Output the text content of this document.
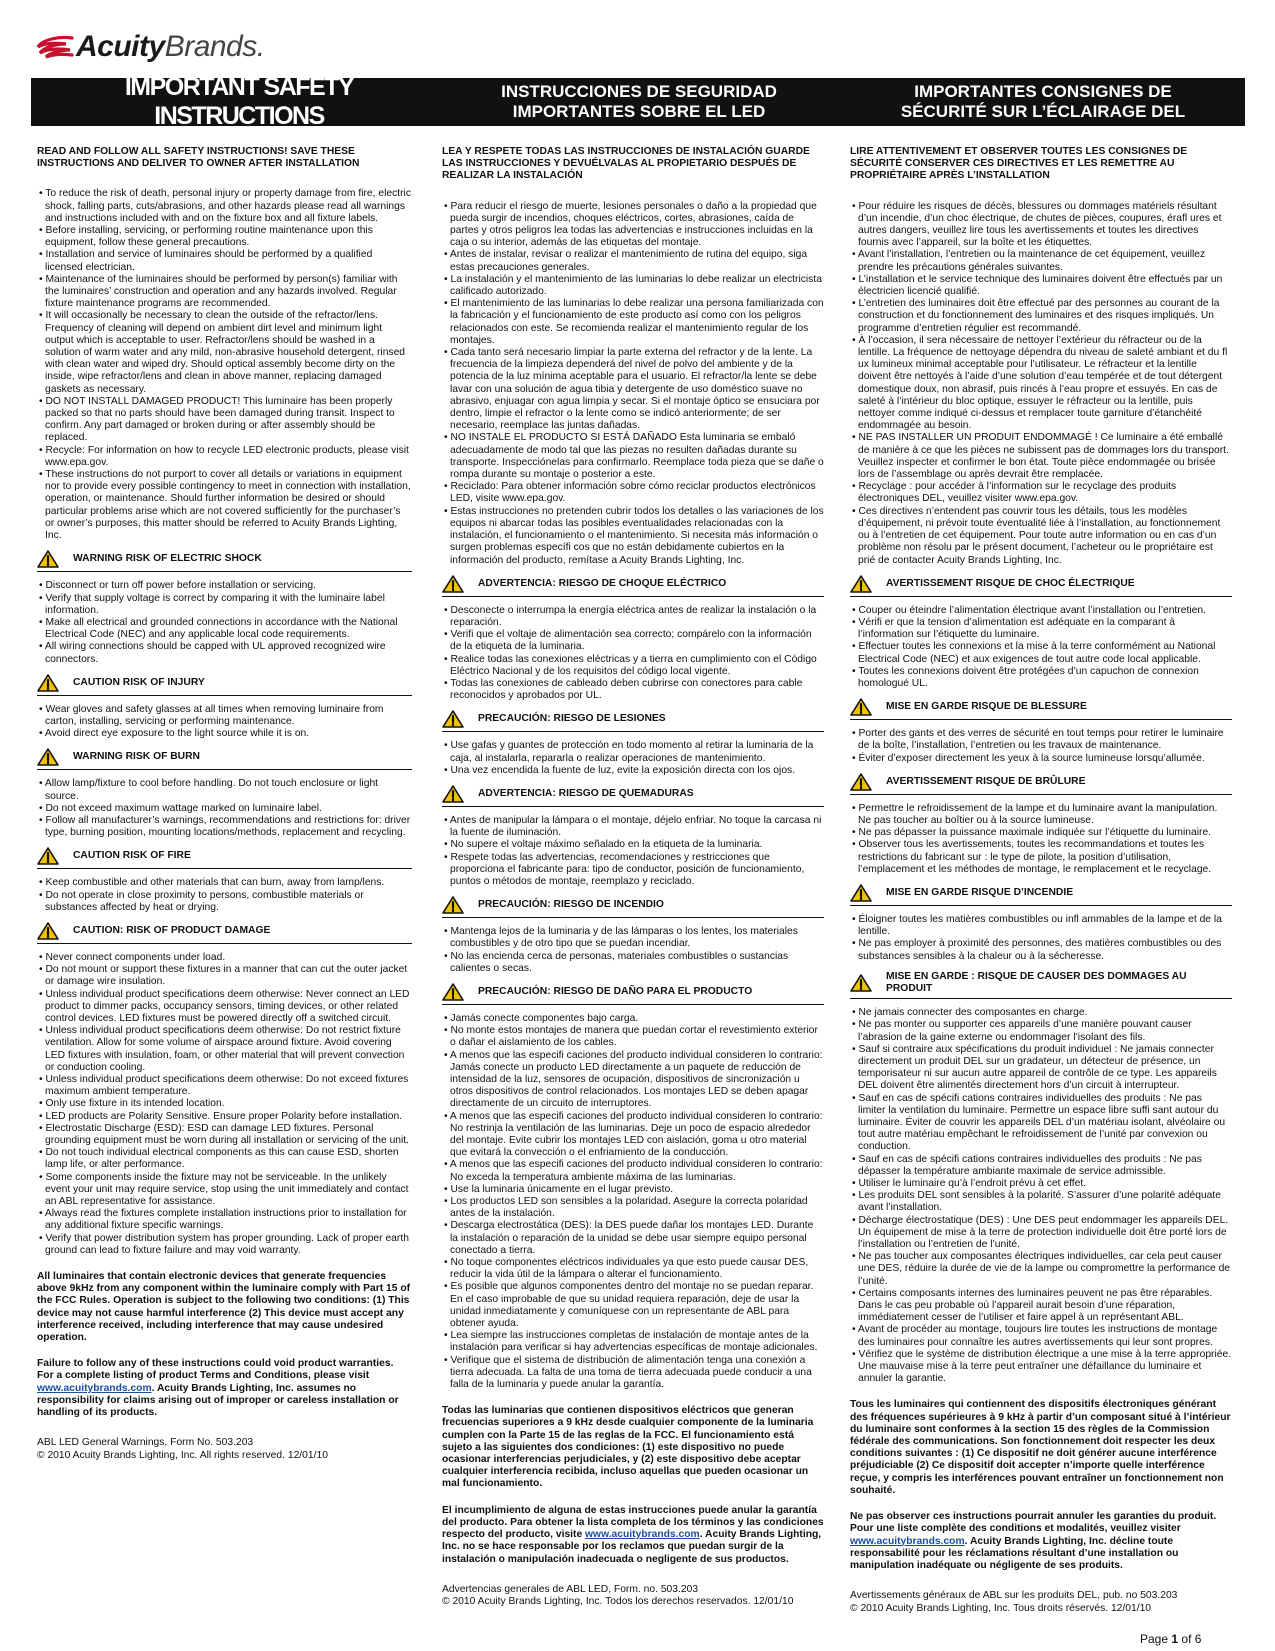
AcuityBrands.
IMPORTANT SAFETY INSTRUCTIONS
INSTRUCCIONES DE SEGURIDAD
IMPORTANTES SOBRE EL LED
IMPORTANTES CONSIGNES DE
SÉCURITÉ SUR L’ÉCLAIRAGE DEL
READ AND FOLLOW ALL SAFETY INSTRUCTIONS! SAVE THESE INSTRUCTIONS AND DELIVER TO OWNER AFTER INSTALLATION
• To reduce the risk of death, personal injury or property damage from fire, electric shock, falling parts, cuts/abrasions, and other hazards please read all warnings and instructions included with and on the fixture box and all fixture labels.
• Before installing, servicing, or performing routine maintenance upon this equipment, follow these general precautions.
• Installation and service of luminaires should be performed by a qualified licensed electrician.
• Maintenance of the luminaires should be performed by person(s) familiar with the luminaires’ construction and operation and any hazards involved. Regular fixture maintenance programs are recommended.
• It will occasionally be necessary to clean the outside of the refractor/lens. Frequency of cleaning will depend on ambient dirt level and minimum light output which is acceptable to user. Refractor/lens should be washed in a solution of warm water and any mild, non-abrasive household detergent, rinsed with clean water and wiped dry. Should optical assembly become dirty on the inside, wipe refractor/lens and clean in above manner, replacing damaged gaskets as necessary.
• DO NOT INSTALL DAMAGED PRODUCT! This luminaire has been properly packed so that no parts should have been damaged during transit. Inspect to confirm. Any part damaged or broken during or after assembly should be replaced.
• Recycle: For information on how to recycle LED electronic products, please visit www.epa.gov.
• These instructions do not purport to cover all details or variations in equipment nor to provide every possible contingency to meet in connection with installation, operation, or maintenance. Should further information be desired or should particular problems arise which are not covered sufficiently for the purchaser’s or owner’s purposes, this matter should be referred to Acuity Brands Lighting, Inc.
WARNING RISK OF ELECTRIC SHOCK
• Disconnect or turn off power before installation or servicing.
• Verify that supply voltage is correct by comparing it with the luminaire label information.
• Make all electrical and grounded connections in accordance with the National Electrical Code (NEC) and any applicable local code requirements.
• All wiring connections should be capped with UL approved recognized wire connectors.
CAUTION RISK OF INJURY
• Wear gloves and safety glasses at all times when removing luminaire from carton, installing, servicing or performing maintenance.
• Avoid direct eye exposure to the light source while it is on.
WARNING RISK OF BURN
• Allow lamp/fixture to cool before handling. Do not touch enclosure or light source.
• Do not exceed maximum wattage marked on luminaire label.
• Follow all manufacturer’s warnings, recommendations and restrictions for: driver type, burning position, mounting locations/methods, replacement and recycling.
CAUTION RISK OF FIRE
• Keep combustible and other materials that can burn, away from lamp/lens.
• Do not operate in close proximity to persons, combustible materials or substances affected by heat or drying.
CAUTION: RISK OF PRODUCT DAMAGE
• Never connect components under load.
• Do not mount or support these fixtures in a manner that can cut the outer jacket or damage wire insulation.
• Unless individual product specifications deem otherwise: Never connect an LED product to dimmer packs, occupancy sensors, timing devices, or other related control devices. LED fixtures must be powered directly off a switched circuit.
• Unless individual product specifications deem otherwise: Do not restrict fixture ventilation. Allow for some volume of airspace around fixture. Avoid covering LED fixtures with insulation, foam, or other material that will prevent convection or conduction cooling.
• Unless individual product specifications deem otherwise: Do not exceed fixtures maximum ambient temperature.
• Only use fixture in its intended location.
• LED products are Polarity Sensitive. Ensure proper Polarity before installation.
• Electrostatic Discharge (ESD): ESD can damage LED fixtures. Personal grounding equipment must be worn during all installation or servicing of the unit.
• Do not touch individual electrical components as this can cause ESD, shorten lamp life, or alter performance.
• Some components inside the fixture may not be serviceable. In the unlikely event your unit may require service, stop using the unit immediately and contact an ABL representative for assistance.
• Always read the fixtures complete installation instructions prior to installation for any additional fixture specific warnings.
• Verify that power distribution system has proper grounding. Lack of proper earth ground can lead to fixture failure and may void warranty.
All luminaires that contain electronic devices that generate frequencies above 9kHz from any component within the luminaire comply with Part 15 of the FCC Rules. Operation is subject to the following two conditions: (1) This device may not cause harmful interference (2) This device must accept any interference received, including interference that may cause undesired operation.
Failure to follow any of these instructions could void product warranties. For a complete listing of product Terms and Conditions, please visit www.acuitybrands.com. Acuity Brands Lighting, Inc. assumes no responsibility for claims arising out of improper or careless installation or handling of its products.
ABL LED General Warnings, Form No. 503.203
© 2010 Acuity Brands Lighting, Inc. All rights reserved. 12/01/10
LEA Y RESPETE TODAS LAS INSTRUCCIONES DE INSTALACIÓN GUARDE LAS INSTRUCCIONES Y DEVUÉLVALAS AL PROPIETARIO DESPUÉS DE REALIZAR LA INSTALACIÓN
• Para reducir el riesgo de muerte, lesiones personales o daño a la propiedad que pueda surgir de incendios, choques eléctricos, cortes, abrasiones, caída de partes y otros peligros lea todas las advertencias e instrucciones incluidas en la caja o su interior, además de las etiquetas del montaje.
• Antes de instalar, revisar o realizar el mantenimiento de rutina del equipo, siga estas precauciones generales.
• La instalación y el mantenimiento de las luminarias lo debe realizar un electricista calificado autorizado.
• El mantenimiento de las luminarias lo debe realizar una persona familiarizada con la fabricación y el funcionamiento de este producto así como con los peligros relacionados con este. Se recomienda realizar el mantenimiento regular de los montajes.
• Cada tanto será necesario limpiar la parte externa del refractor y de la lente. La frecuencia de la limpieza dependerá del nivel de polvo del ambiente y de la potencia de la luz mínima aceptable para el usuario. El refractor/la lente se debe lavar con una solución de agua tibia y detergente de uso doméstico suave no abrasivo, enjuagar con agua limpia y secar. Si el montaje óptico se ensuciara por dentro, limpie el refractor o la lente como se indicó anteriormente; de ser necesario, reemplace las juntas dañadas.
• NO INSTALE EL PRODUCTO SI ESTÁ DAÑADO Esta luminaria se embaló adecuadamente de modo tal que las piezas no resulten dañadas durante su transporte. Inspecciónelas para confirmarlo. Reemplace toda pieza que se dañe o rompa durante su montaje o posterior a este.
• Reciclado: Para obtener información sobre cómo reciclar productos electrónicos LED, visite www.epa.gov.
• Estas instrucciones no pretenden cubrir todos los detalles o las variaciones de los equipos ni abarcar todas las posibles eventualidades relacionadas con la instalación, el funcionamiento o el mantenimiento. Si necesita más información o surgen problemas específi cos que no están debidamente cubiertos en la información del producto, remítase a Acuity Brands Lighting, Inc.
ADVERTENCIA: RIESGO DE CHOQUE ELÉCTRICO
• Desconecte o interrumpa la energía eléctrica antes de realizar la instalación o la reparación.
• Verifi que el voltaje de alimentación sea correcto; compárelo con la información de la etiqueta de la luminaria.
• Realice todas las conexiones eléctricas y a tierra en cumplimiento con el Código Eléctrico Nacional y de los requisitos del código local vigente.
• Todas las conexiones de cableado deben cubrirse con conectores para cable reconocidos y aprobados por UL.
PRECAUCIÓN: RIESGO DE LESIONES
• Use gafas y guantes de protección en todo momento al retirar la luminaria de la caja, al instalarla, repararla o realizar operaciones de mantenimiento.
• Una vez encendida la fuente de luz, evite la exposición directa con los ojos.
ADVERTENCIA: RIESGO DE QUEMADURAS
• Antes de manipular la lámpara o el montaje, déjelo enfriar. No toque la carcasa ni la fuente de iluminación.
• No supere el voltaje máximo señalado en la etiqueta de la luminaria.
• Respete todas las advertencias, recomendaciones y restricciones que proporciona el fabricante para: tipo de conductor, posición de funcionamiento, puntos o métodos de montaje, reemplazo y reciclado.
PRECAUCIÓN: RIESGO DE INCENDIO
• Mantenga lejos de la luminaria y de las lámparas o los lentes, los materiales combustibles y de otro tipo que se puedan incendiar.
• No las encienda cerca de personas, materiales combustibles o sustancias calientes o secas.
PRECAUCIÓN: RIESGO DE DAÑO PARA EL PRODUCTO
• Jamás conecte componentes bajo carga.
• No monte estos montajes de manera que puedan cortar el revestimiento exterior o dañar el aislamiento de los cables.
• A menos que las especifi caciones del producto individual consideren lo contrario: Jamás conecte un producto LED directamente a un paquete de reducción de intensidad de la luz, sensores de ocupación, dispositivos de sincronización u otros dispositivos de control relacionados. Los montajes LED se deben apagar directamente de un circuito de interruptores.
• A menos que las especifi caciones del producto individual consideren lo contrario: No restrinja la ventilación de las luminarias. Deje un poco de espacio alrededor del montaje. Evite cubrir los montajes LED con aislación, goma u otro material que evitará la convección o el enfriamiento de la conducción.
• A menos que las especifi caciones del producto individual consideren lo contrario: No exceda la temperatura ambiente máxima de las luminarias.
• Use la luminaria únicamente en el lugar previsto.
• Los productos LED son sensibles a la polaridad. Asegure la correcta polaridad antes de la instalación.
• Descarga electrostática (DES): la DES puede dañar los montajes LED. Durante la instalación o reparación de la unidad se debe usar siempre equipo personal conectado a tierra.
• No toque componentes eléctricos individuales ya que esto puede causar DES, reducir la vida útil de la lámpara o alterar el funcionamiento.
• Es posible que algunos componentes dentro del montaje no se puedan reparar. En el caso improbable de que su unidad requiera reparación, deje de usar la unidad inmediatamente y comuníquese con un representante de ABL para obtener ayuda.
• Lea siempre las instrucciones completas de instalación de montaje antes de la instalación para verificar si hay advertencias específicas de montaje adicionales.
• Verifique que el sistema de distribución de alimentación tenga una conexión a tierra adecuada. La falta de una toma de tierra adecuada puede conducir a una falla de la luminaria y puede anular la garantía.
Todas las luminarias que contienen dispositivos eléctricos que generan frecuencias superiores a 9 kHz desde cualquier componente de la luminaria cumplen con la Parte 15 de las reglas de la FCC. El funcionamiento está sujeto a las siguientes dos condiciones: (1) este dispositivo no puede ocasionar interferencias perjudiciales, y (2) este dispositivo debe aceptar cualquier interferencia recibida, incluso aquellas que pueden ocasionar un mal funcionamiento.
El incumplimiento de alguna de estas instrucciones puede anular la garantía del producto. Para obtener la lista completa de los términos y las condiciones respecto del producto, visite www.acuitybrands.com. Acuity Brands Lighting, Inc. no se hace responsable por los reclamos que puedan surgir de la instalación o manipulación inadecuada o negligente de sus productos.
Advertencias generales de ABL LED, Form. no. 503.203
© 2010 Acuity Brands Lighting, Inc. Todos los derechos reservados. 12/01/10
LIRE ATTENTIVEMENT ET OBSERVER TOUTES LES CONSIGNES DE SÉCURITÉ CONSERVER CES DIRECTIVES ET LES REMETTRE AU PROPRIÉTAIRE APRÈS L’INSTALLATION
• Pour réduire les risques de décès, blessures ou dommages matériels résultant d’un incendie, d’un choc électrique, de chutes de pièces, coupures, érafl ures et autres dangers, veuillez lire tous les avertissements et toutes les directives fournis avec l’appareil, sur la boîte et les étiquettes.
• Avant l’installation, l’entretien ou la maintenance de cet équipement, veuillez prendre les précautions générales suivantes.
• L’installation et le service technique des luminaires doivent être effectués par un électricien licencié qualifié.
• L’entretien des luminaires doit être effectué par des personnes au courant de la construction et du fonctionnement des luminaires et des risques impliqués. Un programme d’entretien régulier est recommandé.
• À l’occasion, il sera nécessaire de nettoyer l’extérieur du réfracteur ou de la lentille. La fréquence de nettoyage dépendra du niveau de saleté ambiant et du fl ux lumineux minimal acceptable pour l’utilisateur. Le réfracteur et la lentille doivent être nettoyés à l’aide d’une solution d’eau tempérée et de tout détergent domestique doux, non abrasif, puis rincés à l’eau propre et essuyés. En cas de saleté à l’intérieur du bloc optique, essuyer le réfracteur ou la lentille, puis nettoyer comme indiqué ci-dessus et remplacer toute garniture d’étanchéité endommagée au besoin.
• NE PAS INSTALLER UN PRODUIT ENDOMMAGÉ ! Ce luminaire a été emballé de manière à ce que les pièces ne subissent pas de dommages lors du transport. Veuillez inspecter et confirmer le bon état. Toute pièce endommagée ou brisée lors de l’assemblage ou après devrait être remplacée.
• Recyclage : pour accéder à l’information sur le recyclage des produits électroniques DEL, veuillez visiter www.epa.gov.
• Ces directives n’entendent pas couvrir tous les détails, tous les modèles d’équipement, ni prévoir toute éventualité liée à l’installation, au fonctionnement ou à l’entretien de cet équipement. Pour toute autre information ou en cas d’un problème non résolu par le présent document, l’acheteur ou le propriétaire est prié de contacter Acuity Brands Lighting, Inc.
AVERTISSEMENT RISQUE DE CHOC ÉLECTRIQUE
• Couper ou éteindre l’alimentation électrique avant l’installation ou l’entretien.
• Vérifi er que la tension d’alimentation est adéquate en la comparant à l’information sur l’étiquette du luminaire.
• Effectuer toutes les connexions et la mise à la terre conformément au National Electrical Code (NEC) et aux exigences de tout autre code local applicable.
• Toutes les connexions doivent être protégées d’un capuchon de connexion homologué UL.
MISE EN GARDE RISQUE DE BLESSURE
• Porter des gants et des verres de sécurité en tout temps pour retirer le luminaire de la boîte, l’installation, l’entretien ou les travaux de maintenance.
• Éviter d’exposer directement les yeux à la source lumineuse lorsqu’allumée.
AVERTISSEMENT RISQUE DE BRÛLURE
• Permettre le refroidissement de la lampe et du luminaire avant la manipulation. Ne pas toucher au boîtier ou à la source lumineuse.
• Ne pas dépasser la puissance maximale indiquée sur l’étiquette du luminaire.
• Observer tous les avertissements, toutes les recommandations et toutes les restrictions du fabricant sur : le type de pilote, la position d’utilisation, l’emplacement et les méthodes de montage, le remplacement et le recyclage.
MISE EN GARDE RISQUE D’INCENDIE
• Éloigner toutes les matières combustibles ou infl ammables de la lampe et de la lentille.
• Ne pas employer à proximité des personnes, des matières combustibles ou des substances sensibles à la chaleur ou à la sécheresse.
MISE EN GARDE : RISQUE DE CAUSER DES DOMMAGES AU PRODUIT
• Ne jamais connecter des composantes en charge.
• Ne pas monter ou supporter ces appareils d’une manière pouvant causer l’abrasion de la gaine externe ou endommager l’isolant des fils.
• Sauf si contraire aux spécifications du produit individuel : Ne jamais connecter directement un produit DEL sur un gradateur, un détecteur de présence, un temporisateur ni sur aucun autre appareil de contrôle de ce type. Les appareils DEL doivent être alimentés directement hors d’un circuit à interrupteur.
• Sauf en cas de spécifi cations contraires individuelles des produits : Ne pas limiter la ventilation du luminaire. Permettre un espace libre suffi sant autour du luminaire. Éviter de couvrir les appareils DEL d’un matériau isolant, alvéolaire ou tout autre matériau empêchant le refroidissement de l’unité par convexion ou conduction.
• Sauf en cas de spécifi cations contraires individuelles des produits : Ne pas dépasser la température ambiante maximale de service admissible.
• Utiliser le luminaire qu’à l’endroit prévu à cet effet.
• Les produits DEL sont sensibles à la polarité. S’assurer d’une polarité adéquate avant l’installation.
• Décharge électrostatique (DES) : Une DES peut endommager les appareils DEL. Un équipement de mise à la terre de protection individuelle doit être porté lors de l’installation ou l’entretien de l’unité.
• Ne pas toucher aux composantes électriques individuelles, car cela peut causer une DES, réduire la durée de vie de la lampe ou compromettre la performance de l’unité.
• Certains composants internes des luminaires peuvent ne pas être réparables. Dans le cas peu probable où l’appareil aurait besoin d’une réparation, immédiatement cesser de l’utiliser et faire appel à un représentant ABL.
• Avant de procéder au montage, toujours lire toutes les instructions de montage des luminaires pour connaître les autres avertissements qui leur sont propres.
• Vérifiez que le système de distribution électrique a une mise à la terre appropriée. Une mauvaise mise à la terre peut entraîner une défaillance du luminaire et annuler la garantie.
Tous les luminaires qui contiennent des dispositifs électroniques générant des fréquences supérieures à 9 kHz à partir d’un composant situé à l’intérieur du luminaire sont conformes à la section 15 des règles de la Commission fédérale des communications. Son fonctionnement doit respecter les deux conditions suivantes : (1) Ce dispositif ne doit générer aucune interférence préjudiciable (2) Ce dispositif doit accepter n’importe quelle interférence reçue, y compris les interférences pouvant entraîner un fonctionnement non souhaité.
Ne pas observer ces instructions pourrait annuler les garanties du produit. Pour une liste complète des conditions et modalités, veuillez visiter www.acuitybrands.com. Acuity Brands Lighting, Inc. décline toute responsabilité pour les réclamations résultant d’une installation ou manipulation inadéquate ou négligente de ses produits.
Avertissements généraux de ABL sur les produits DEL, pub. no 503.203
© 2010 Acuity Brands Lighting, Inc. Tous droits réservés. 12/01/10
Page 1 of 6
